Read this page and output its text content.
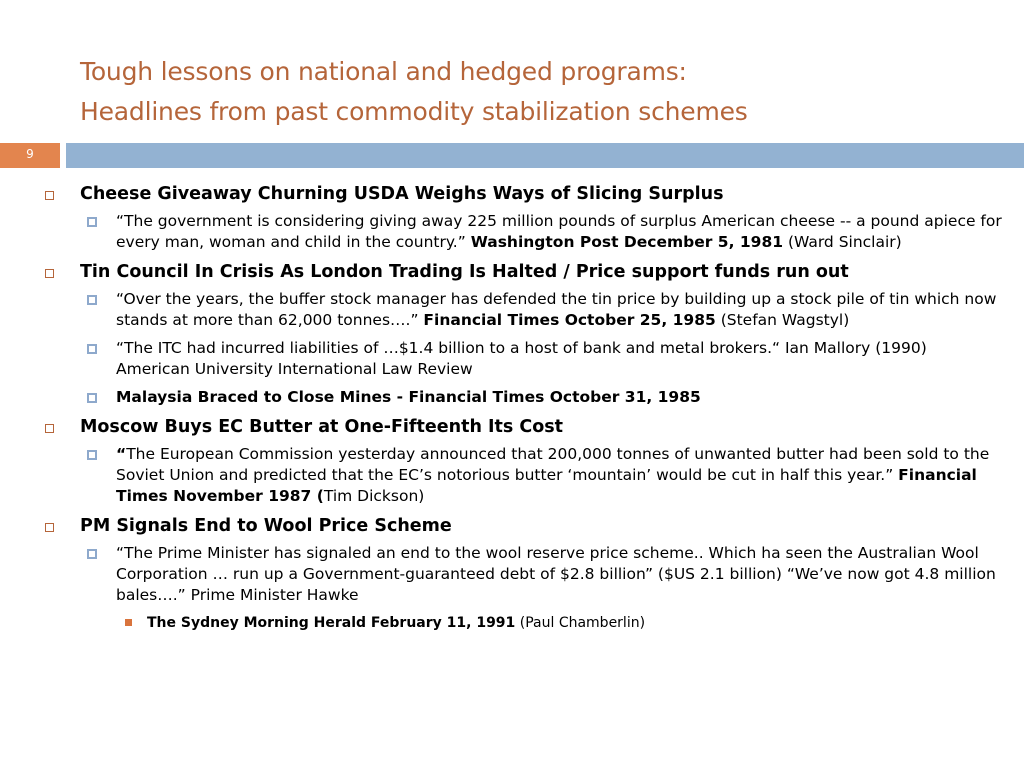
Tough lessons on national and hedged programs:
Headlines from past commodity stabilization schemes
9
Cheese Giveaway Churning USDA Weighs Ways of Slicing Surplus
“The government is considering giving away 225 million pounds of surplus American cheese -- a pound apiece for every man, woman and child in the country.” Washington Post December 5, 1981 (Ward Sinclair)
Tin Council In Crisis As London Trading Is Halted / Price support funds run out
“Over the years, the buffer stock manager has defended the tin price by building up a stock pile of tin which now stands at more than 62,000 tonnes….” Financial Times October 25, 1985 (Stefan Wagstyl)
“The ITC had incurred liabilities of …$1.4 billion to a host of bank and metal brokers.“ Ian Mallory (1990) American University International Law Review
Malaysia Braced to Close Mines - Financial Times October 31, 1985
Moscow Buys EC Butter at One-Fifteenth Its Cost
“The European Commission yesterday announced that 200,000 tonnes of unwanted butter had been sold to the Soviet Union and predicted that the EC’s notorious butter ‘mountain’ would be cut in half this year.” Financial Times November 1987 (Tim Dickson)
PM Signals End to Wool Price Scheme
“The Prime Minister has signaled an end to the wool reserve price scheme.. Which ha seen the Australian Wool Corporation … run up a Government-guaranteed debt of $2.8 billion” ($US 2.1 billion) “We’ve now got 4.8 million bales….” Prime Minister Hawke
The Sydney Morning Herald February 11, 1991 (Paul Chamberlin)
